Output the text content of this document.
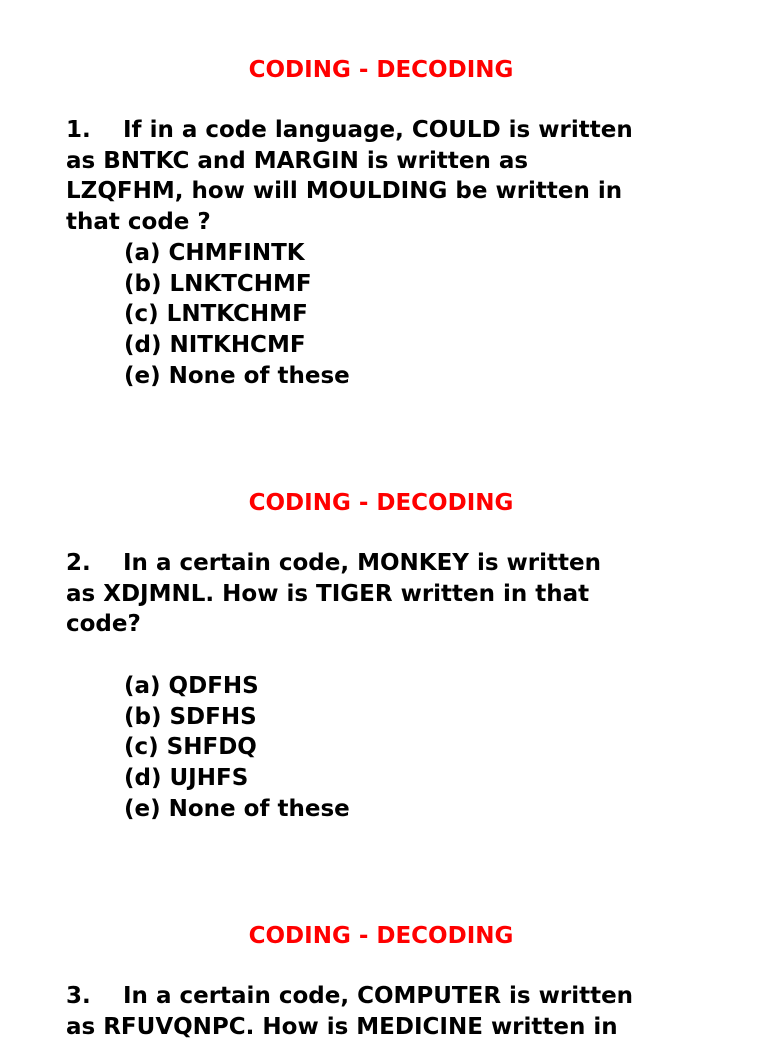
CODING - DECODING
1. If in a code language, COULD is written
as BNTKC and MARGIN is written as
LZQFHM, how will MOULDING be written in
that code ?
(a) CHMFINTK
(b) LNKTCHMF
(c) LNTKCHMF
(d) NITKHCMF
(e) None of these
CODING - DECODING
2. In a certain code, MONKEY is written
as XDJMNL. How is TIGER written in that
code?
(a) QDFHS
(b) SDFHS
(c) SHFDQ
(d) UJHFS
(e) None of these
CODING - DECODING
3. In a certain code, COMPUTER is written
as RFUVQNPC. How is MEDICINE written in
